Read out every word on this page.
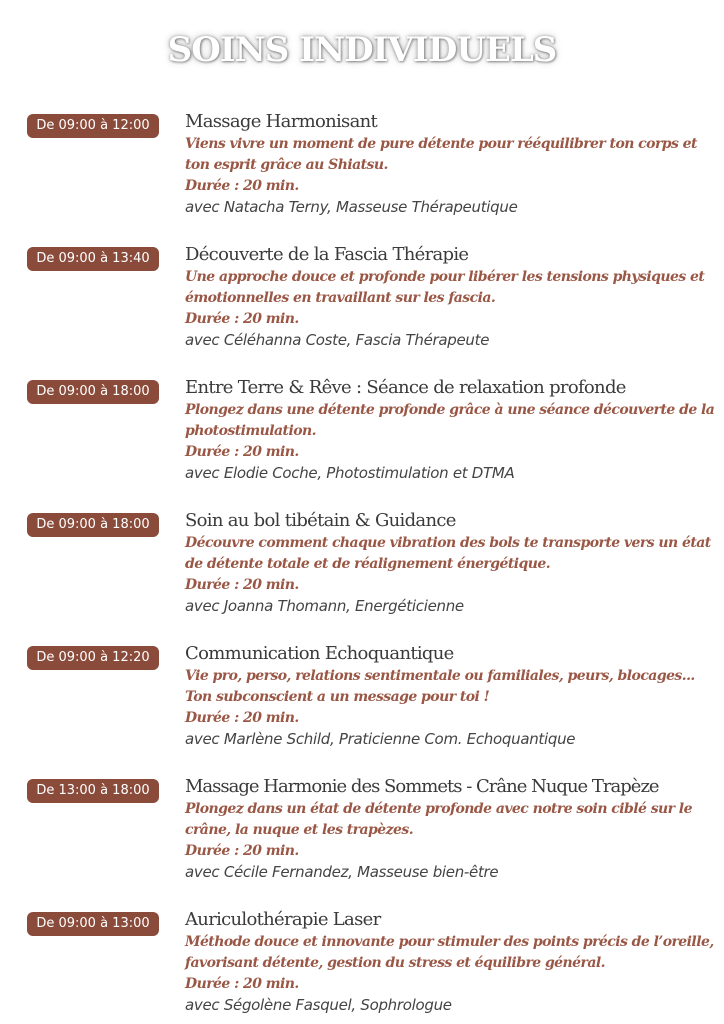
SOINS INDIVIDUELS
De 09:00 à 12:00	Massage Harmonisant
Viens vivre un moment de pure détente pour rééquilibrer ton corps et ton esprit grâce au Shiatsu.
Durée : 20 min.
avec Natacha Terny, Masseuse Thérapeutique
De 09:00 à 13:40	Découverte de la Fascia Thérapie
Une approche douce et profonde pour libérer les tensions physiques et émotionnelles en travaillant sur les fascia.
Durée : 20 min.
avec Céléhanna Coste, Fascia Thérapeute
De 09:00 à 18:00	Entre Terre & Rêve : Séance de relaxation profonde
Plongez dans une détente profonde grâce à une séance découverte de la photostimulation.
Durée : 20 min.
avec Elodie Coche, Photostimulation et DTMA
De 09:00 à 18:00	Soin au bol tibétain & Guidance
Découvre comment chaque vibration des bols te transporte vers un état de détente totale et de réalignement énergétique.
Durée : 20 min.
avec Joanna Thomann, Energéticienne
De 09:00 à 12:20	Communication Echoquantique
Vie pro, perso, relations sentimentale ou familiales, peurs, blocages... Ton subconscient a un message pour toi !
Durée : 20 min.
avec Marlène Schild, Praticienne Com. Echoquantique
De 13:00 à 18:00	Massage Harmonie des Sommets - Crâne Nuque Trapèze
Plongez dans un état de détente profonde avec notre soin ciblé sur le crâne, la nuque et les trapèzes.
Durée : 20 min.
avec Cécile Fernandez, Masseuse bien-être
De 09:00 à 13:00	Auriculothérapie Laser
Méthode douce et innovante pour stimuler des points précis de l’oreille, favorisant détente, gestion du stress et équilibre général.
Durée : 20 min.
avec Ségolène Fasquel, Sophrologue
